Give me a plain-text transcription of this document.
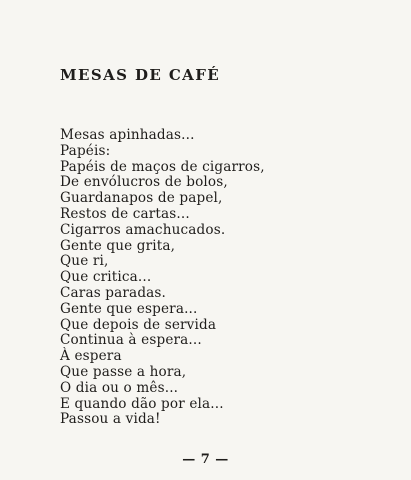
MESAS DE CAFÉ
Mesas apinhadas...
Papéis:
Papéis de maços de cigarros,
De envólucros de bolos,
Guardanapos de papel,
Restos de cartas...
Cigarros amachucados.
Gente que grita,
Que ri,
Que critica...
Caras paradas.
Gente que espera...
Que depois de servida
Continua à espera...
À espera
Que passe a hora,
O dia ou o mês...
E quando dão por ela...
Passou a vida!
— 7 —
